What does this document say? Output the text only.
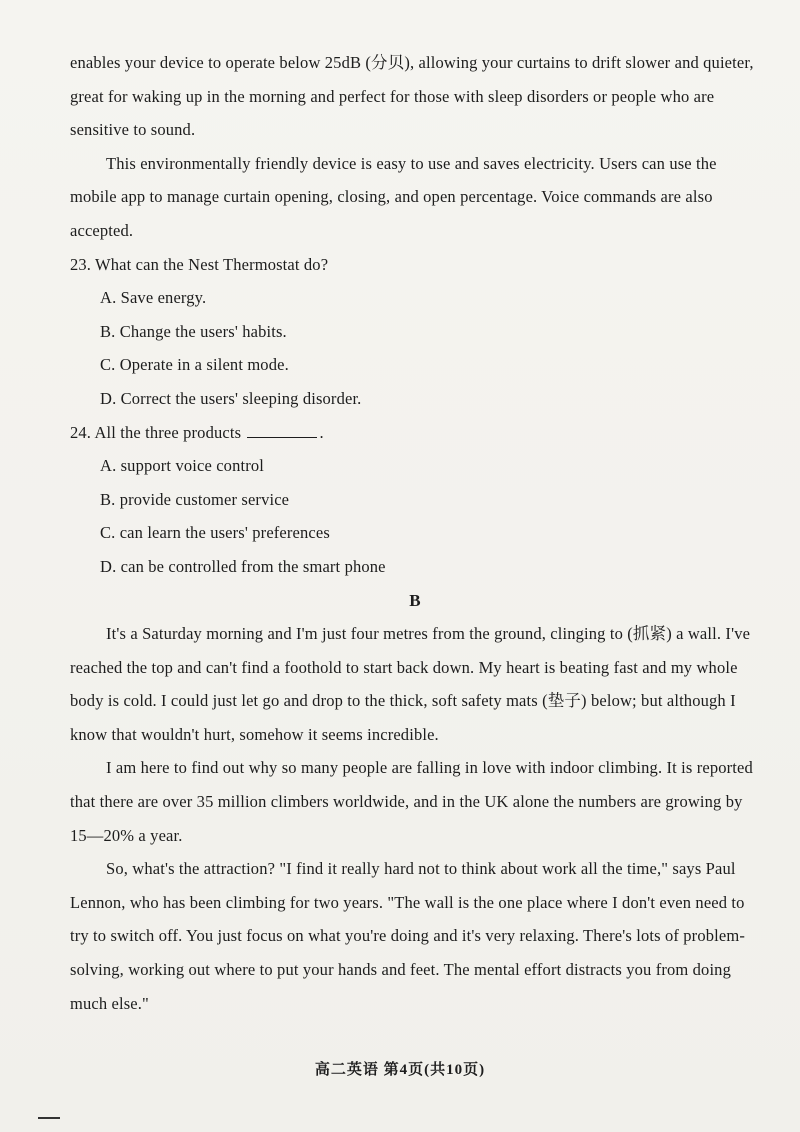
enables your device to operate below 25dB (分贝), allowing your curtains to drift slower and quieter, great for waking up in the morning and perfect for those with sleep disorders or people who are sensitive to sound.

This environmentally friendly device is easy to use and saves electricity. Users can use the mobile app to manage curtain opening, closing, and open percentage. Voice commands are also accepted.

23. What can the Nest Thermostat do?

A. Save energy.

B. Change the users' habits.

C. Operate in a silent mode.

D. Correct the users' sleeping disorder.

24. All the three products	.

A. support voice control

B. provide customer service

C. can learn the users' preferences

D. can be controlled from the smart phone

B

It's a Saturday morning and I'm just four metres from the ground, clinging to (抓紧) a wall. I've reached the top and can't find a foothold to start back down. My heart is beating fast and my whole body is cold. I could just let go and drop to the thick, soft safety mats (垫子) below; but although I know that wouldn't hurt, somehow it seems incredible.

I am here to find out why so many people are falling in love with indoor climbing. It is reported that there are over 35 million climbers worldwide, and in the UK alone the numbers are growing by 15—20% a year.

So, what's the attraction? "I find it really hard not to think about work all the time," says Paul Lennon, who has been climbing for two years. "The wall is the one place where I don't even need to try to switch off. You just focus on what you're doing and it's very relaxing. There's lots of problem-solving, working out where to put your hands and feet. The mental effort distracts you from doing much else."

高二英语 第4页(共10页)
